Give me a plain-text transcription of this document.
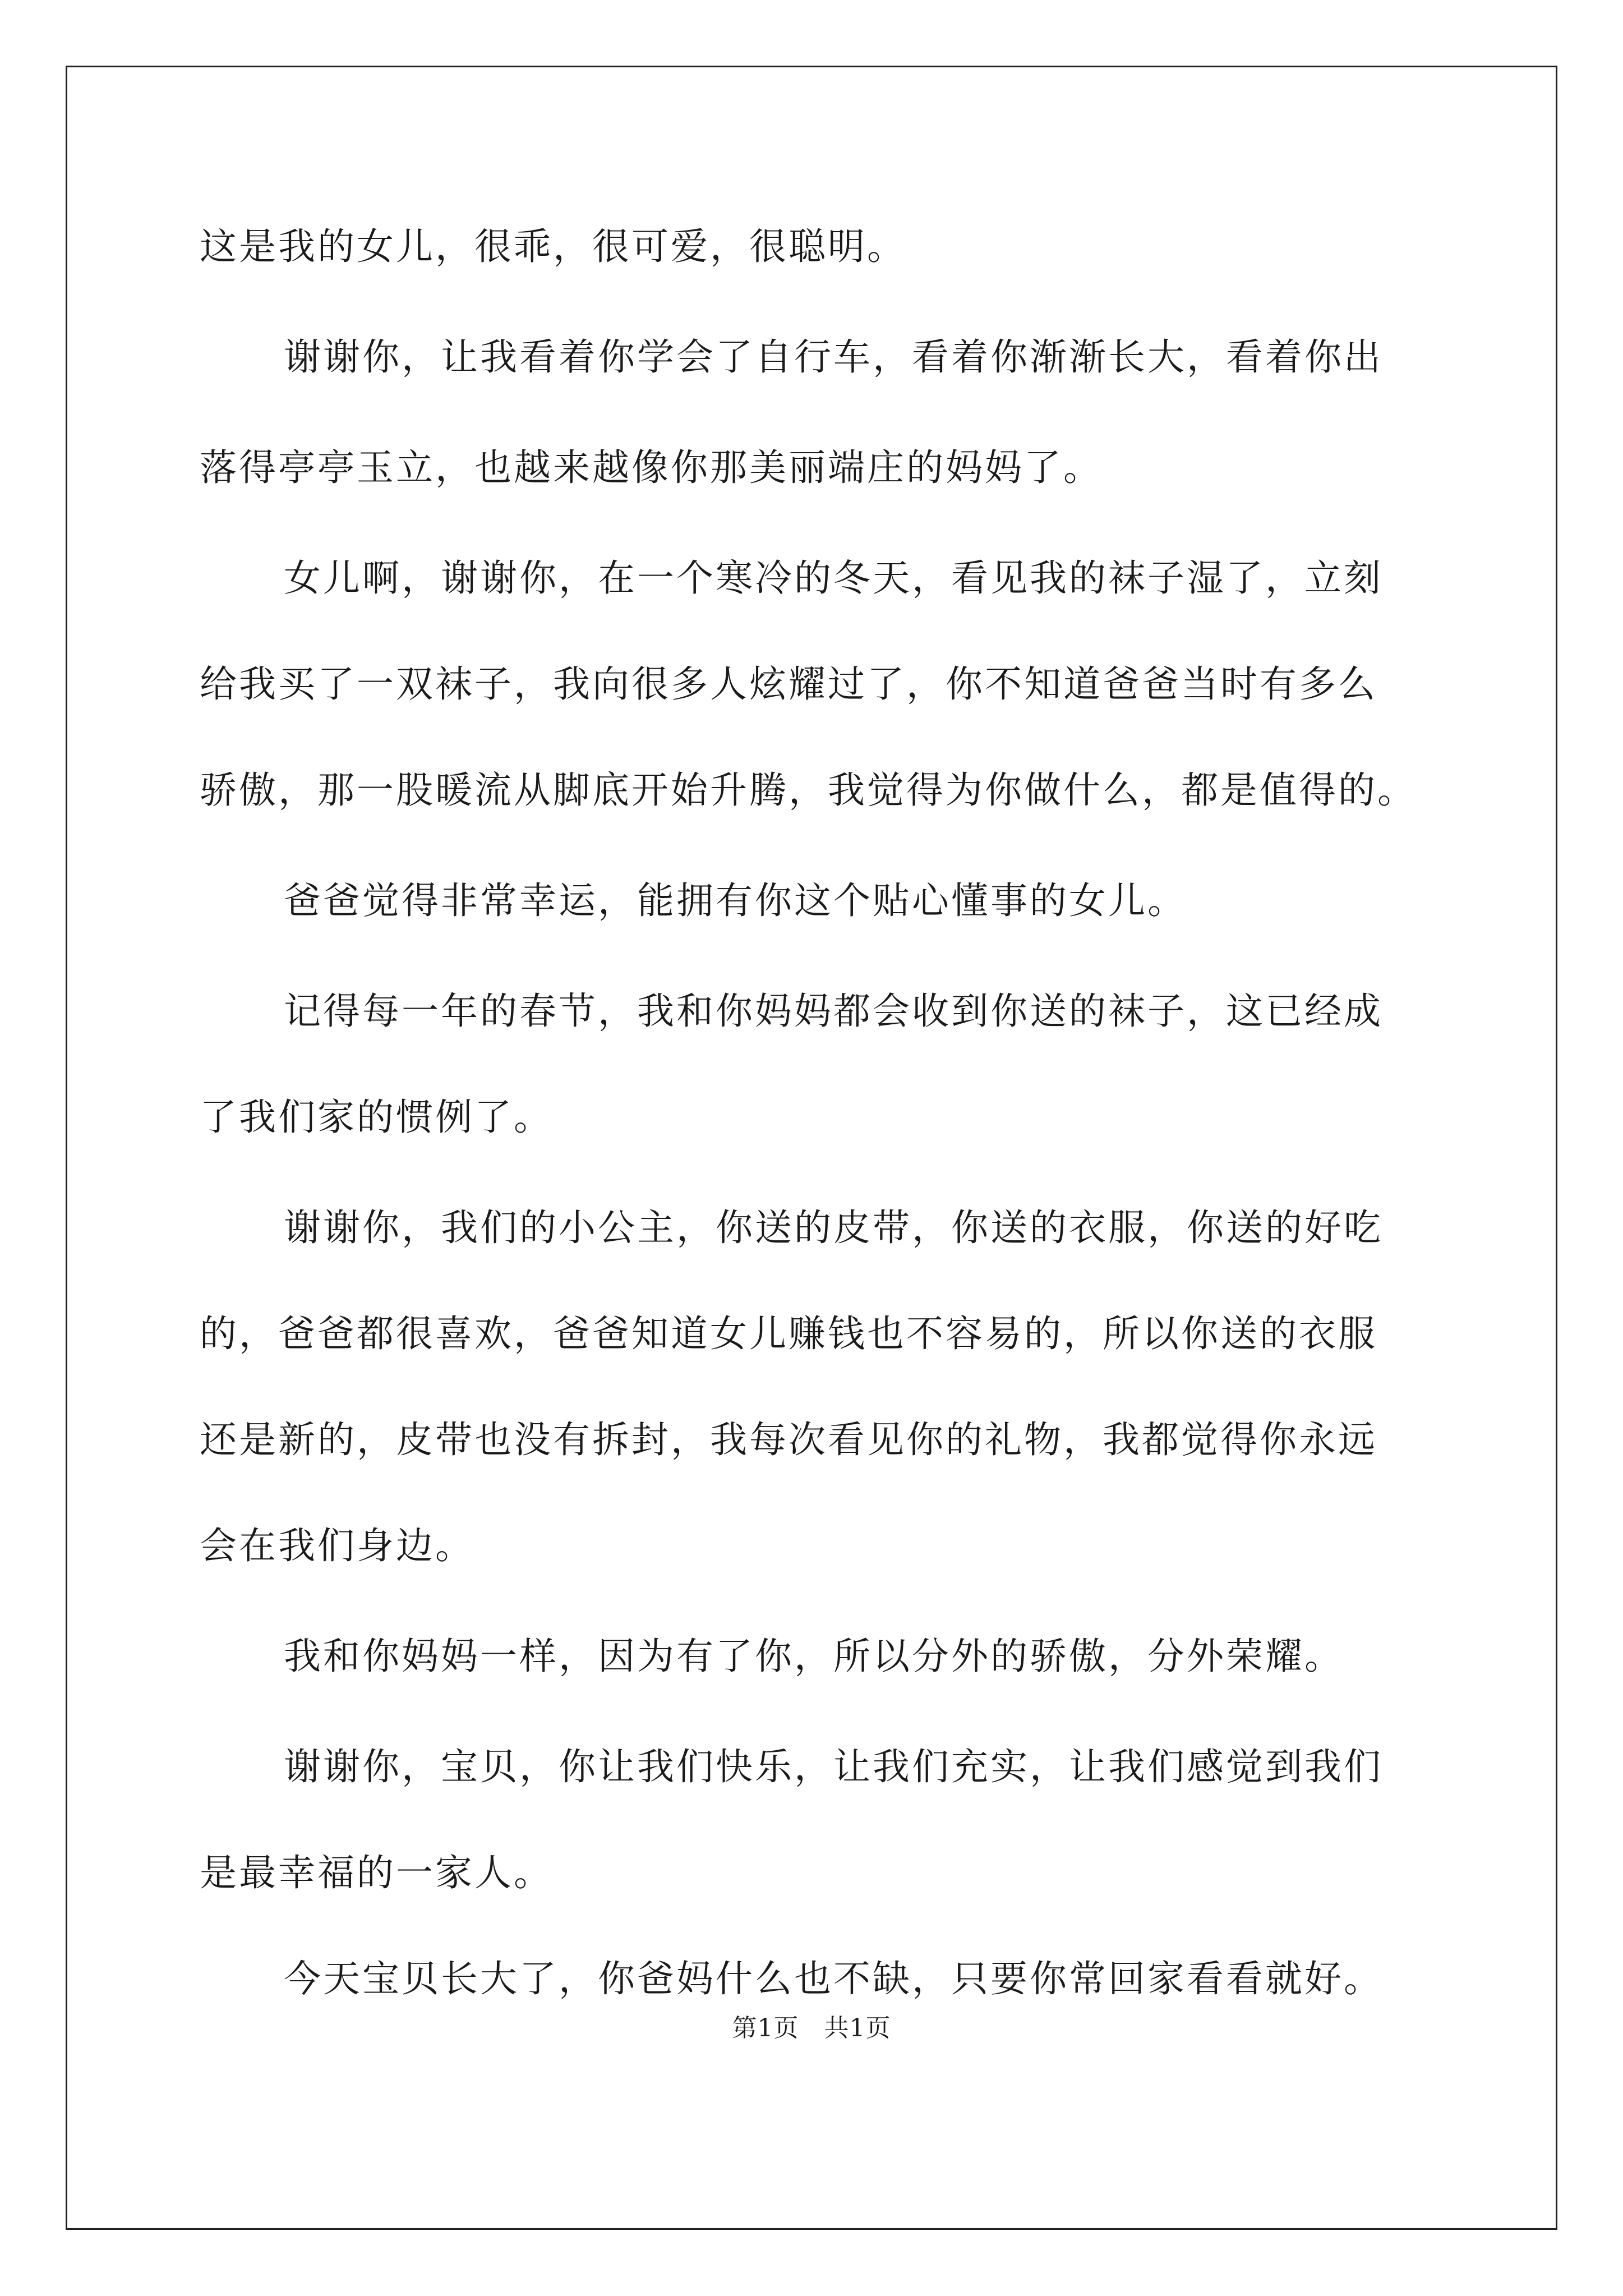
这是我的女儿，很乖，很可爱，很聪明。
谢谢你，让我看着你学会了自行车，看着你渐渐长大，看着你出
落得亭亭玉立，也越来越像你那美丽端庄的妈妈了。
女儿啊，谢谢你，在一个寒冷的冬天，看见我的袜子湿了，立刻
给我买了一双袜子，我向很多人炫耀过了，你不知道爸爸当时有多么
骄傲，那一股暖流从脚底开始升腾，我觉得为你做什么，都是值得的。
爸爸觉得非常幸运，能拥有你这个贴心懂事的女儿。
记得每一年的春节，我和你妈妈都会收到你送的袜子，这已经成
了我们家的惯例了。
谢谢你，我们的小公主，你送的皮带，你送的衣服，你送的好吃
的，爸爸都很喜欢，爸爸知道女儿赚钱也不容易的，所以你送的衣服
还是新的，皮带也没有拆封，我每次看见你的礼物，我都觉得你永远
会在我们身边。
我和你妈妈一样，因为有了你，所以分外的骄傲，分外荣耀。
谢谢你，宝贝，你让我们快乐，让我们充实，让我们感觉到我们
是最幸福的一家人。
今天宝贝长大了，你爸妈什么也不缺，只要你常回家看看就好。
第1页　共1页
